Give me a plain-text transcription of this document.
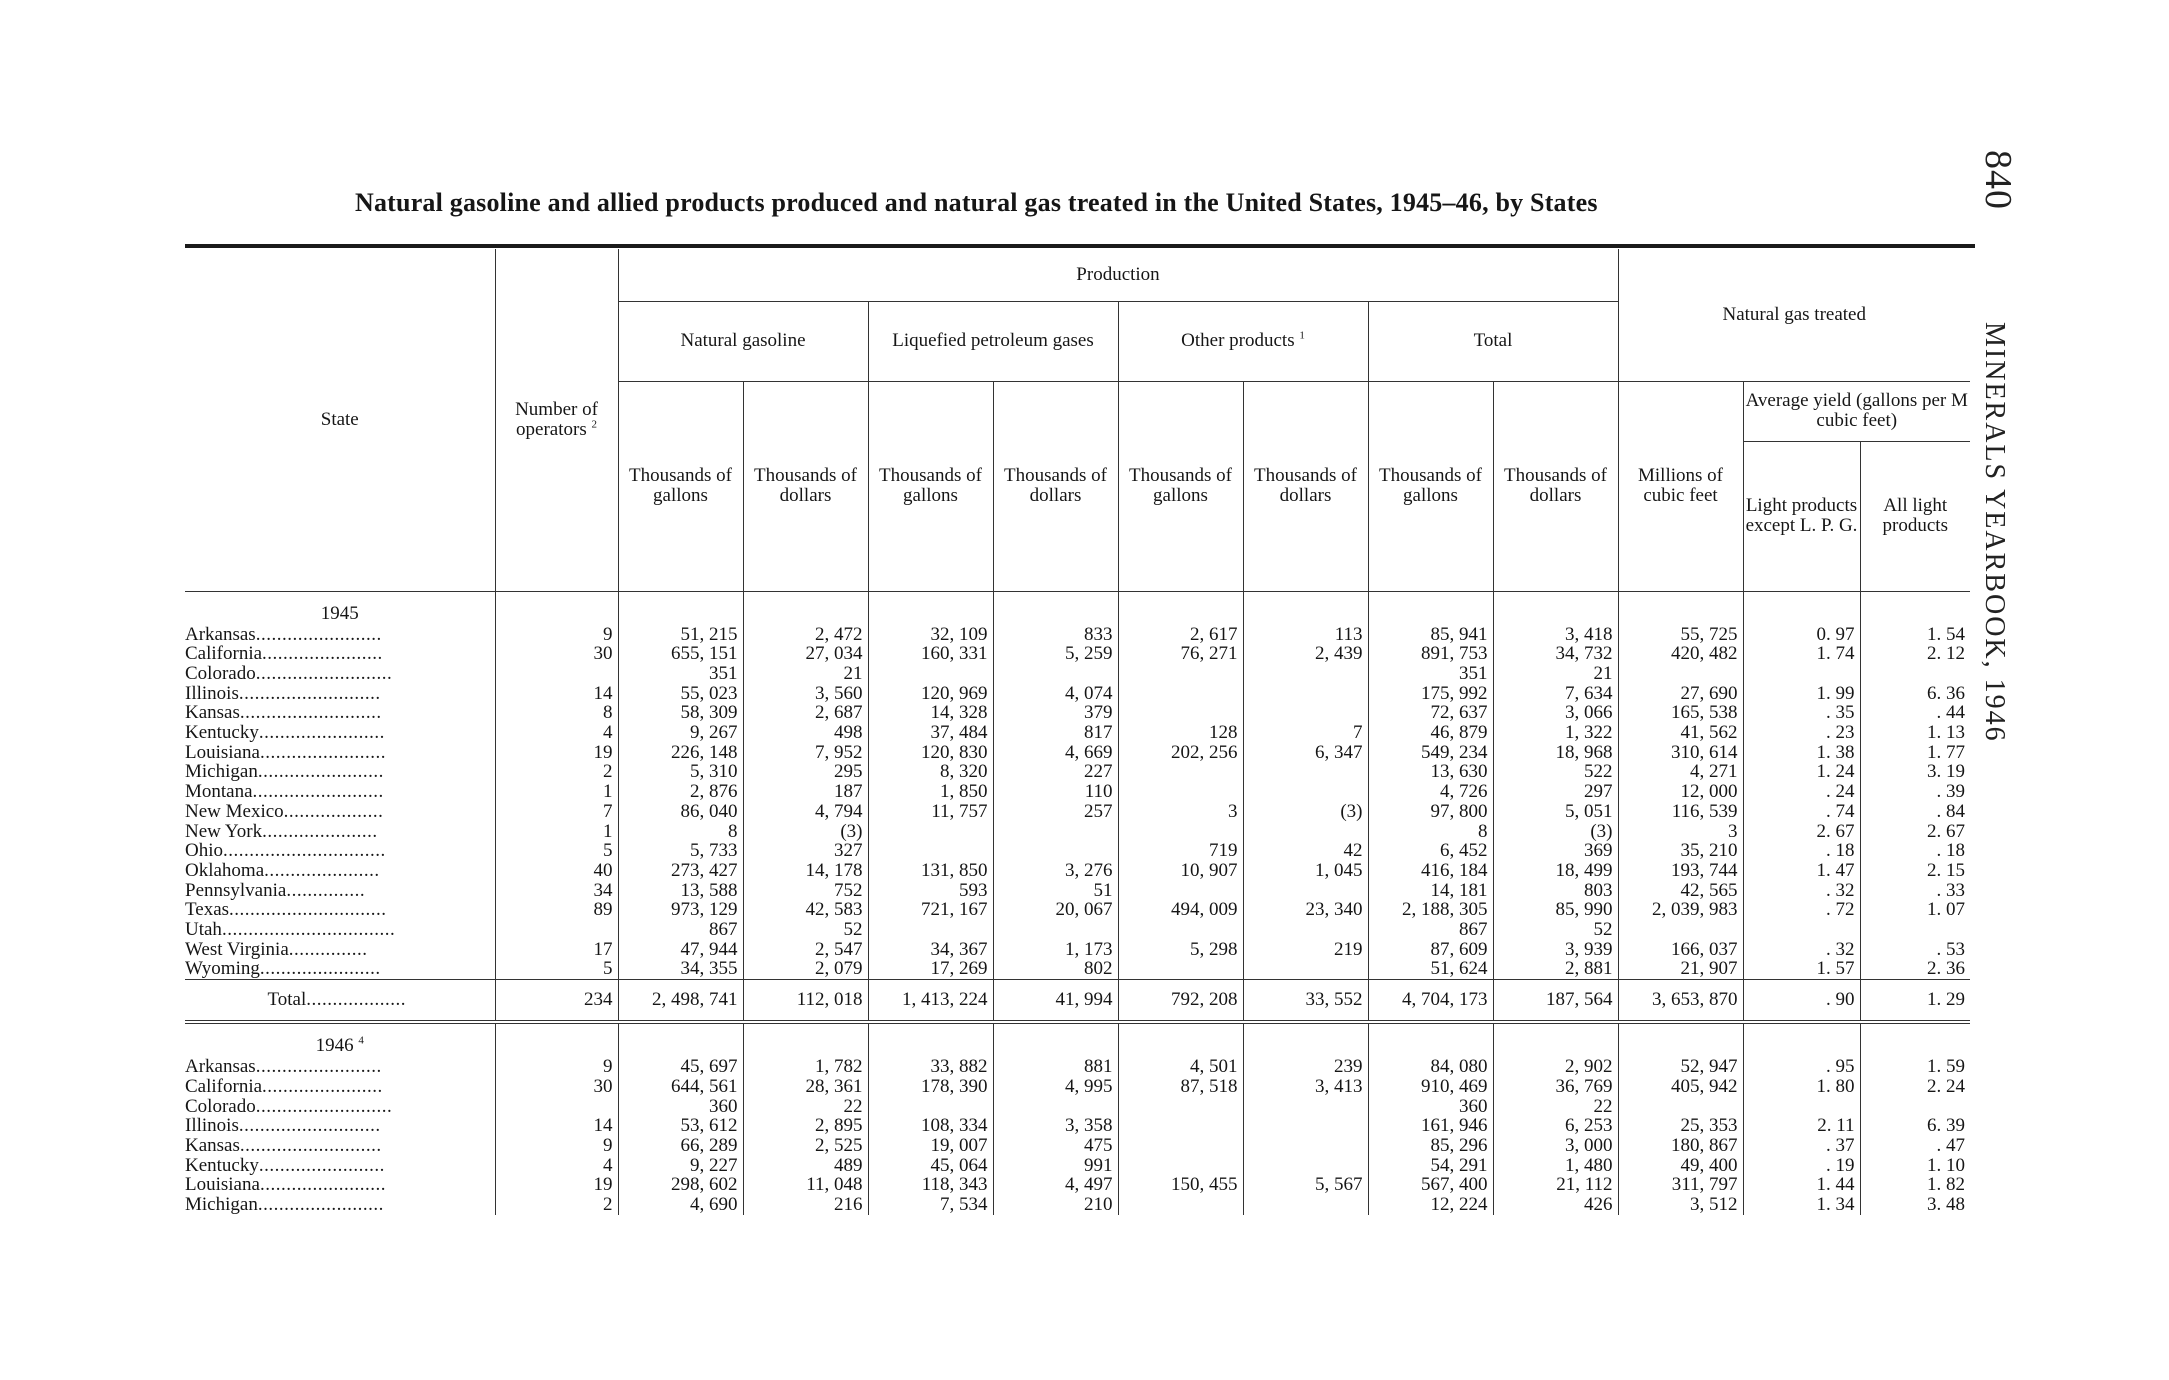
Natural gasoline and allied products produced and natural gas treated in the United States, 1945–46, by States	840 MINERALS YEARBOOK, 1946
State	Number of operators $^2$	Production								Natural gas treated		
		Natural gasoline		Liquefied petroleum gases		Other products $^1$		Total				
		Thousands of gallons	Thousands of dollars	Thousands of gallons	Thousands of dollars	Thousands of gallons	Thousands of dollars	Thousands of gallons	Thousands of dollars	Millions of cubic feet	Average yield (gallons per M cubic feet)	
											Light products except L. P. G.	All light products
1945												
Arkansas........................	9	51, 215	2, 472	32, 109	833	2, 617	113	85, 941	3, 418	55, 725	0. 97	1. 54
California.......................	30	655, 151	27, 034	160, 331	5, 259	76, 271	2, 439	891, 753	34, 732	420, 482	1. 74	2. 12
Colorado..........................		351	21					351	21			
Illinois...........................	14	55, 023	3, 560	120, 969	4, 074			175, 992	7, 634	27, 690	1. 99	6. 36
Kansas...........................	8	58, 309	2, 687	14, 328	379			72, 637	3, 066	165, 538	. 35	. 44
Kentucky........................	4	9, 267	498	37, 484	817	128	7	46, 879	1, 322	41, 562	. 23	1. 13
Louisiana........................	19	226, 148	7, 952	120, 830	4, 669	202, 256	6, 347	549, 234	18, 968	310, 614	1. 38	1. 77
Michigan........................	2	5, 310	295	8, 320	227			13, 630	522	4, 271	1. 24	3. 19
Montana.........................	1	2, 876	187	1, 850	110			4, 726	297	12, 000	. 24	. 39
New Mexico...................	7	86, 040	4, 794	11, 757	257	3	(3)	97, 800	5, 051	116, 539	. 74	. 84
New York......................	1	8	(3)					8	(3)	3	2. 67	2. 67
Ohio...............................	5	5, 733	327			719	42	6, 452	369	35, 210	. 18	. 18
Oklahoma......................	40	273, 427	14, 178	131, 850	3, 276	10, 907	1, 045	416, 184	18, 499	193, 744	1. 47	2. 15
Pennsylvania...............	34	13, 588	752	593	51			14, 181	803	42, 565	. 32	. 33
Texas..............................	89	973, 129	42, 583	721, 167	20, 067	494, 009	23, 340	2, 188, 305	85, 990	2, 039, 983	. 72	1. 07
Utah.................................		867	52					867	52			
West Virginia...............	17	47, 944	2, 547	34, 367	1, 173	5, 298	219	87, 609	3, 939	166, 037	. 32	. 53
Wyoming.......................	5	34, 355	2, 079	17, 269	802			51, 624	2, 881	21, 907	1. 57	2. 36
Total...................	234	2, 498, 741	112, 018	1, 413, 224	41, 994	792, 208	33, 552	4, 704, 173	187, 564	3, 653, 870	. 90	1. 29
1946 $^4$												
Arkansas........................	9	45, 697	1, 782	33, 882	881	4, 501	239	84, 080	2, 902	52, 947	. 95	1. 59
California.......................	30	644, 561	28, 361	178, 390	4, 995	87, 518	3, 413	910, 469	36, 769	405, 942	1. 80	2. 24
Colorado..........................		360	22					360	22			
Illinois...........................	14	53, 612	2, 895	108, 334	3, 358			161, 946	6, 253	25, 353	2. 11	6. 39
Kansas...........................	9	66, 289	2, 525	19, 007	475			85, 296	3, 000	180, 867	. 37	. 47
Kentucky........................	4	9, 227	489	45, 064	991			54, 291	1, 480	49, 400	. 19	1. 10
Louisiana........................	19	298, 602	11, 048	118, 343	4, 497	150, 455	5, 567	567, 400	21, 112	311, 797	1. 44	1. 82
Michigan........................	2	4, 690	216	7, 534	210			12, 224	426	3, 512	1. 34	3. 48
